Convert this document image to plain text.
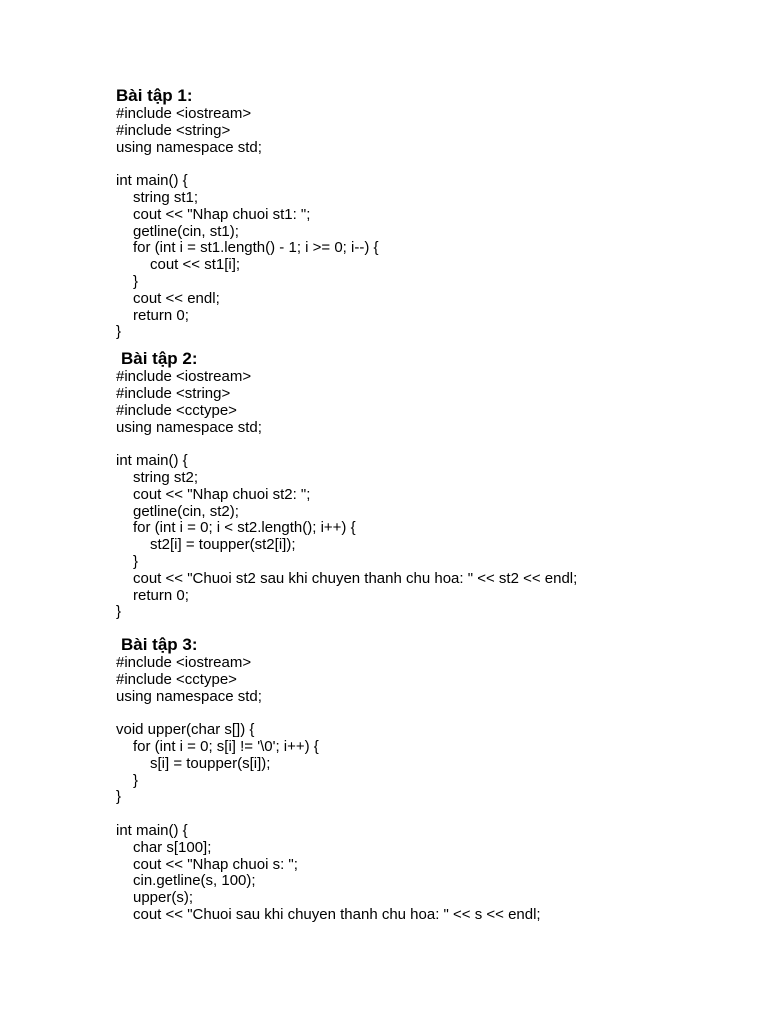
Bài tập 1:
#include <iostream>
#include <string>
using namespace std;
int main() {
string st1;
cout << "Nhap chuoi st1: ";
getline(cin, st1);
for (int i = st1.length() - 1; i >= 0; i--) {
cout << st1[i];
}
cout << endl;
return 0;
}
Bài tập 2:
#include <iostream>
#include <string>
#include <cctype>
using namespace std;
int main() {
string st2;
cout << "Nhap chuoi st2: ";
getline(cin, st2);
for (int i = 0; i < st2.length(); i++) {
st2[i] = toupper(st2[i]);
}
cout << "Chuoi st2 sau khi chuyen thanh chu hoa: " << st2 << endl;
return 0;
}
Bài tập 3:
#include <iostream>
#include <cctype>
using namespace std;
void upper(char s[]) {
for (int i = 0; s[i] != '\0'; i++) {
s[i] = toupper(s[i]);
}
}
int main() {
char s[100];
cout << "Nhap chuoi s: ";
cin.getline(s, 100);
upper(s);
cout << "Chuoi sau khi chuyen thanh chu hoa: " << s << endl;
